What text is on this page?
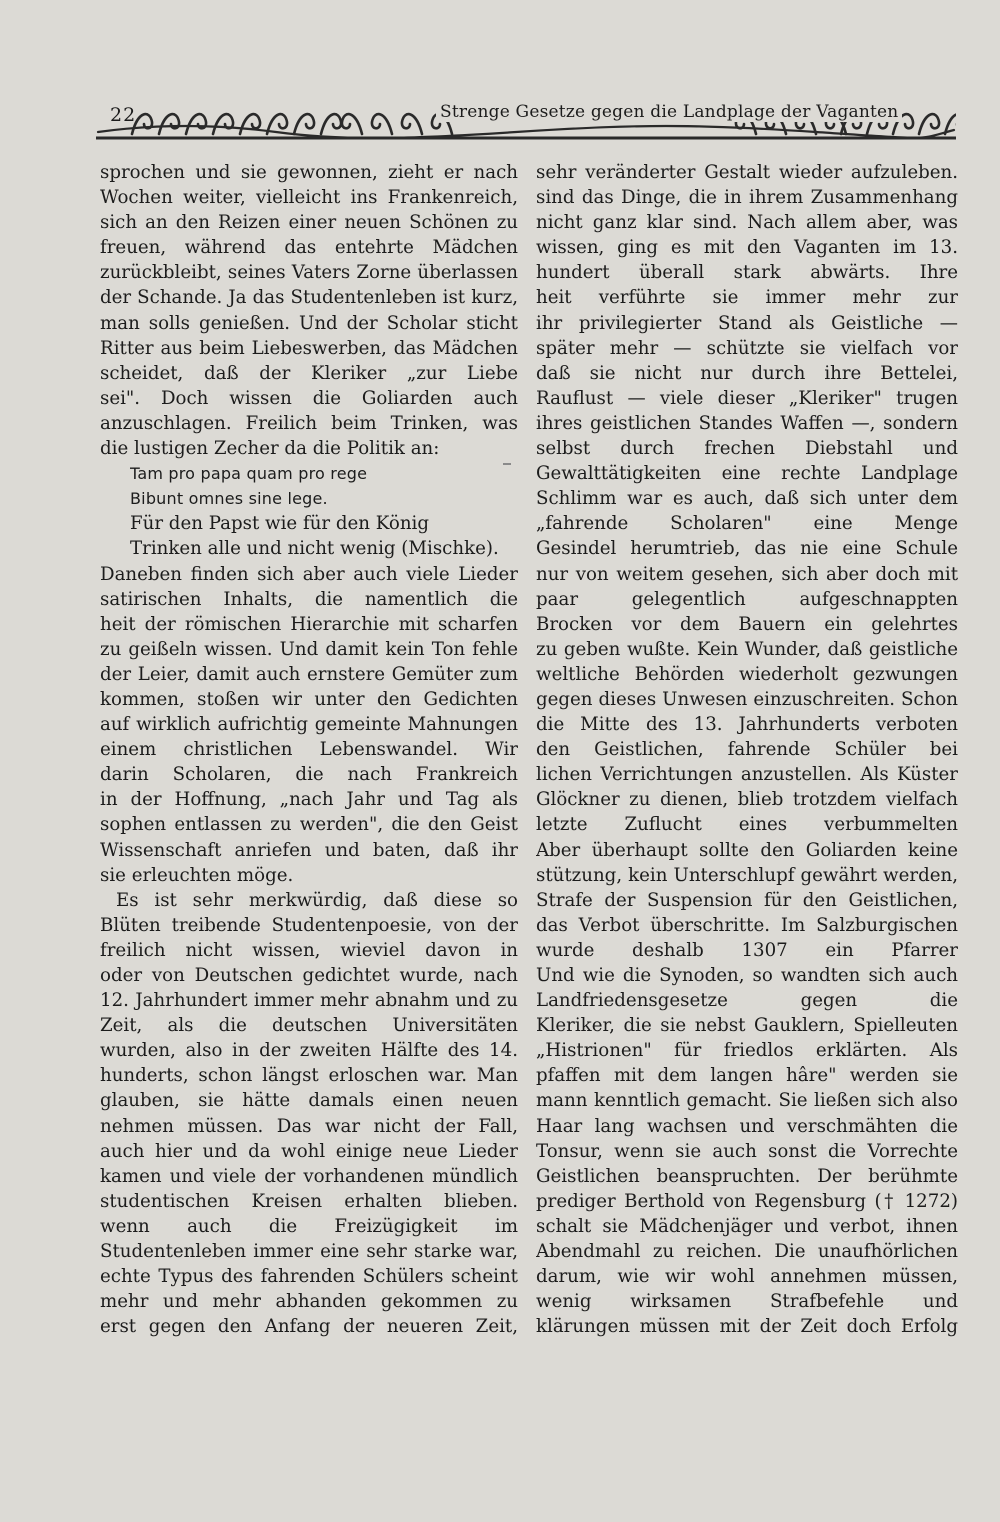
22	Strenge Gesetze gegen die Landplage der Vaganten
sprochen und sie gewonnen, zieht er nach
Wochen weiter, vielleicht ins Frankenreich,
sich an den Reizen einer neuen Schönen zu
freuen, während das entehrte Mädchen
zurückbleibt, seines Vaters Zorne überlassen
der Schande. Ja das Studentenleben ist kurz,
man solls genießen. Und der Scholar sticht
Ritter aus beim Liebeswerben, das Mädchen
scheidet, daß der Kleriker „zur Liebe
sei". Doch wissen die Goliarden auch
anzuschlagen. Freilich beim Trinken, was
die lustigen Zecher da die Politik an:
Tam pro papa quam pro rege
Bibunt omnes sine lege.
Für den Papst wie für den König
Trinken alle und nicht wenig (Mischke).
Daneben finden sich aber auch viele Lieder
satirischen Inhalts, die namentlich die
heit der römischen Hierarchie mit scharfen
zu geißeln wissen. Und damit kein Ton fehle
der Leier, damit auch ernstere Gemüter zum
kommen, stoßen wir unter den Gedichten
auf wirklich aufrichtig gemeinte Mahnungen
einem christlichen Lebenswandel. Wir
darin Scholaren, die nach Frankreich
in der Hoffnung, „nach Jahr und Tag als
sophen entlassen zu werden", die den Geist
Wissenschaft anriefen und baten, daß ihr
sie erleuchten möge.
Es ist sehr merkwürdig, daß diese so
Blüten treibende Studentenpoesie, von der
freilich nicht wissen, wieviel davon in
oder von Deutschen gedichtet wurde, nach
12. Jahrhundert immer mehr abnahm und zu
Zeit, als die deutschen Universitäten
wurden, also in der zweiten Hälfte des 14.
hunderts, schon längst erloschen war. Man
glauben, sie hätte damals einen neuen
nehmen müssen. Das war nicht der Fall,
auch hier und da wohl einige neue Lieder
kamen und viele der vorhandenen mündlich
studentischen Kreisen erhalten blieben.
wenn auch die Freizügigkeit im
Studentenleben immer eine sehr starke war,
echte Typus des fahrenden Schülers scheint
mehr und mehr abhanden gekommen zu
erst gegen den Anfang der neueren Zeit,
sehr veränderter Gestalt wieder aufzuleben.
sind das Dinge, die in ihrem Zusammenhang
nicht ganz klar sind. Nach allem aber, was
wissen, ging es mit den Vaganten im 13.
hundert überall stark abwärts. Ihre
heit verführte sie immer mehr zur
ihr privilegierter Stand als Geistliche —
später mehr — schützte sie vielfach vor
daß sie nicht nur durch ihre Bettelei,
Rauflust — viele dieser „Kleriker" trugen
ihres geistlichen Standes Waffen —, sondern
selbst durch frechen Diebstahl und
Gewalttätigkeiten eine rechte Landplage
Schlimm war es auch, daß sich unter dem
„fahrende Scholaren" eine Menge
Gesindel herumtrieb, das nie eine Schule
nur von weitem gesehen, sich aber doch mit
paar gelegentlich aufgeschnappten
Brocken vor dem Bauern ein gelehrtes
zu geben wußte. Kein Wunder, daß geistliche
weltliche Behörden wiederholt gezwungen
gegen dieses Unwesen einzuschreiten. Schon
die Mitte des 13. Jahrhunderts verboten
den Geistlichen, fahrende Schüler bei
lichen Verrichtungen anzustellen. Als Küster
Glöckner zu dienen, blieb trotzdem vielfach
letzte Zuflucht eines verbummelten
Aber überhaupt sollte den Goliarden keine
stützung, kein Unterschlupf gewährt werden,
Strafe der Suspension für den Geistlichen,
das Verbot überschritte. Im Salzburgischen
wurde deshalb 1307 ein Pfarrer
Und wie die Synoden, so wandten sich auch
Landfriedensgesetze gegen die
Kleriker, die sie nebst Gauklern, Spielleuten
„Histrionen" für friedlos erklärten. Als
pfaffen mit dem langen hâre" werden sie
mann kenntlich gemacht. Sie ließen sich also
Haar lang wachsen und verschmähten die
Tonsur, wenn sie auch sonst die Vorrechte
Geistlichen beanspruchten. Der berühmte
prediger Berthold von Regensburg († 1272)
schalt sie Mädchenjäger und verbot, ihnen
Abendmahl zu reichen. Die unaufhörlichen
darum, wie wir wohl annehmen müssen,
wenig wirksamen Strafbefehle und
klärungen müssen mit der Zeit doch Erfolg
